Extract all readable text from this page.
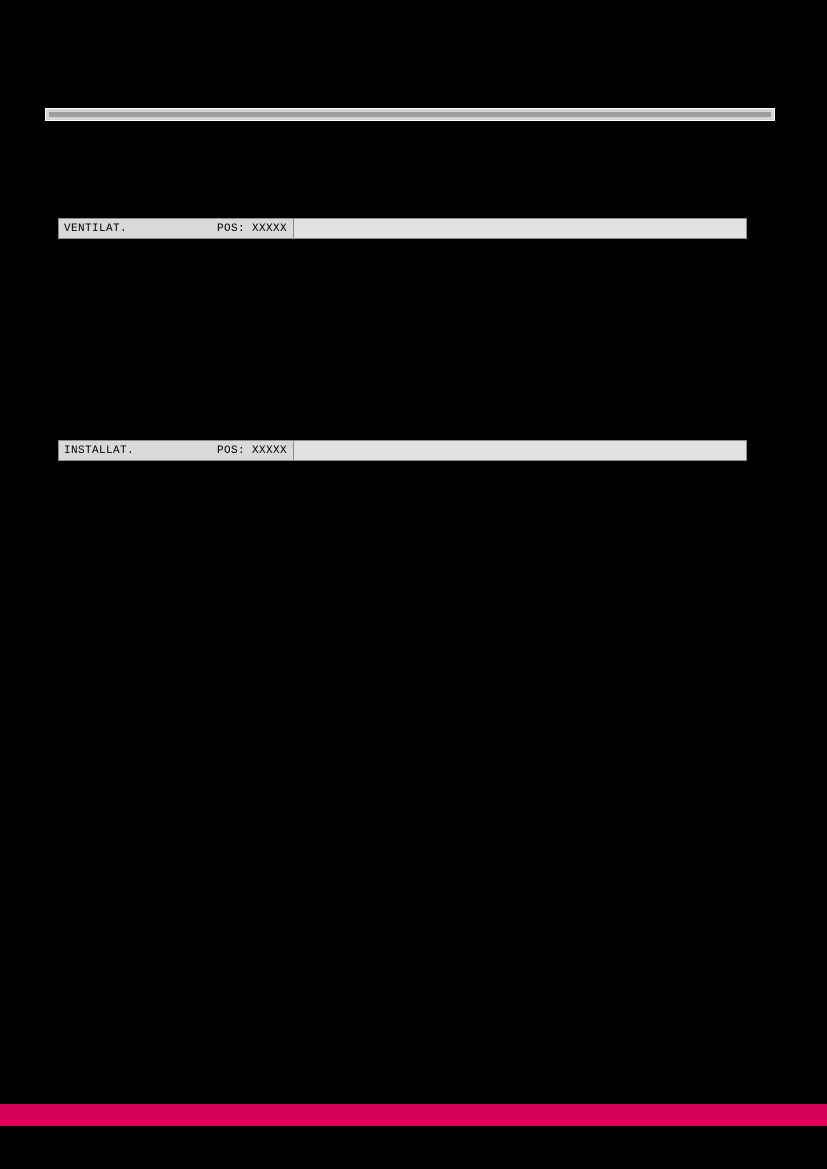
VENTILAT.	POS: XXXXX
INSTALLAT.	POS: XXXXX
